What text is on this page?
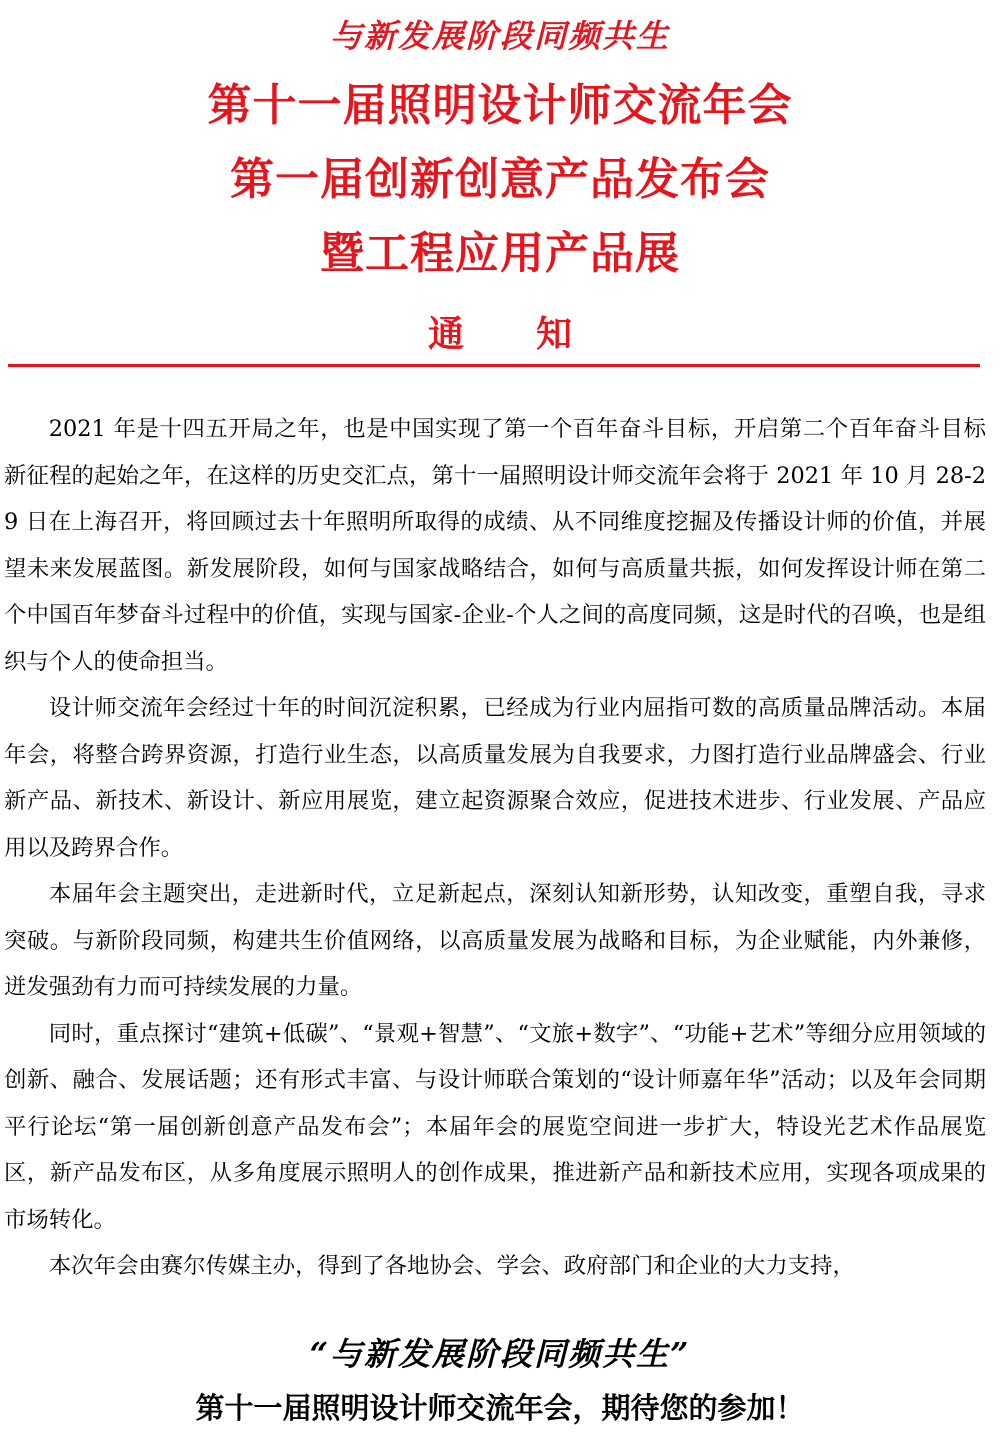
与新发展阶段同频共生
第十一届照明设计师交流年会
第一届创新创意产品发布会
暨工程应用产品展
通　　知

2021 年是十四五开局之年，也是中国实现了第一个百年奋斗目标，开启第二个百年奋斗目标新征程的起始之年，在这样的历史交汇点，第十一届照明设计师交流年会将于 2021 年 10 月 28-29 日在上海召开，将回顾过去十年照明所取得的成绩、从不同维度挖掘及传播设计师的价值，并展望未来发展蓝图。新发展阶段，如何与国家战略结合，如何与高质量共振，如何发挥设计师在第二个中国百年梦奋斗过程中的价值，实现与国家-企业-个人之间的高度同频，这是时代的召唤，也是组织与个人的使命担当。

设计师交流年会经过十年的时间沉淀积累，已经成为行业内屈指可数的高质量品牌活动。本届年会，将整合跨界资源，打造行业生态，以高质量发展为自我要求，力图打造行业品牌盛会、行业新产品、新技术、新设计、新应用展览，建立起资源聚合效应，促进技术进步、行业发展、产品应用以及跨界合作。

本届年会主题突出，走进新时代，立足新起点，深刻认知新形势，认知改变，重塑自我，寻求突破。与新阶段同频，构建共生价值网络，以高质量发展为战略和目标，为企业赋能，内外兼修，迸发强劲有力而可持续发展的力量。

同时，重点探讨“建筑+低碳”、“景观+智慧”、“文旅+数字”、“功能+艺术”等细分应用领域的创新、融合、发展话题；还有形式丰富、与设计师联合策划的“设计师嘉年华”活动；以及年会同期平行论坛“第一届创新创意产品发布会”；本届年会的展览空间进一步扩大，特设光艺术作品展览区，新产品发布区，从多角度展示照明人的创作成果，推进新产品和新技术应用，实现各项成果的市场转化。

本次年会由赛尔传媒主办，得到了各地协会、学会、政府部门和企业的大力支持，

“与新发展阶段同频共生”
第十一届照明设计师交流年会，期待您的参加！
